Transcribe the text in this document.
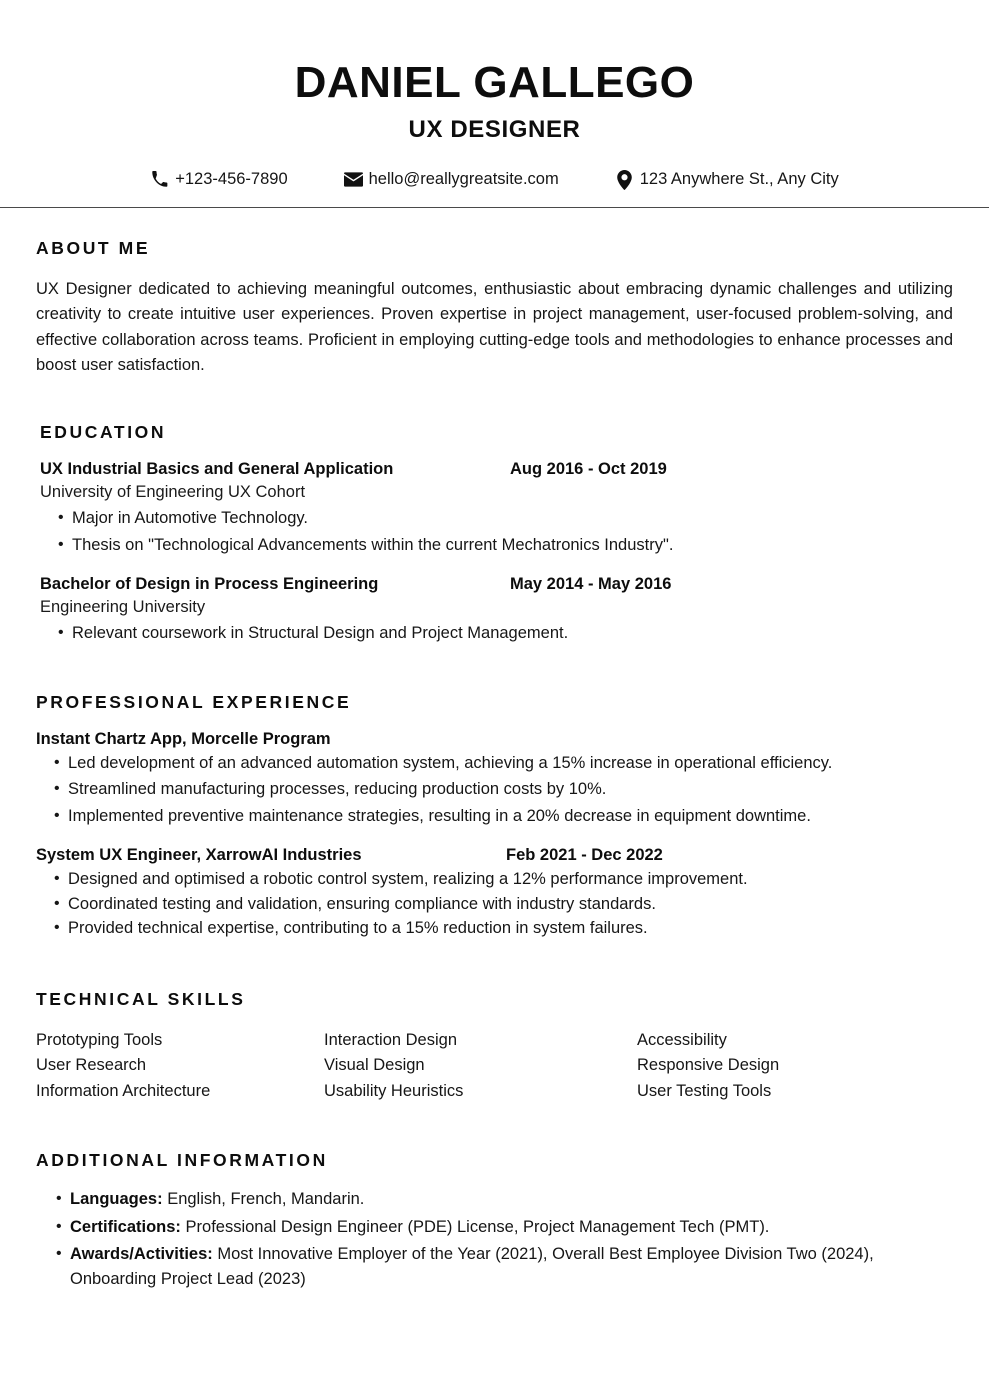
DANIEL GALLEGO
UX DESIGNER
+123-456-7890	hello@reallygreatsite.com	123 Anywhere St., Any City
ABOUT ME

UX Designer dedicated to achieving meaningful outcomes, enthusiastic about embracing dynamic challenges and utilizing creativity to create intuitive user experiences. Proven expertise in project management, user-focused problem-solving, and effective collaboration across teams. Proficient in employing cutting-edge tools and methodologies to enhance processes and boost user satisfaction.

EDUCATION
UX Industrial Basics and General Application	Aug 2016 - Oct 2019
University of Engineering UX Cohort
• Major in Automotive Technology.
• Thesis on "Technological Advancements within the current Mechatronics Industry".
Bachelor of Design in Process Engineering	May 2014 - May 2016
Engineering University
• Relevant coursework in Structural Design and Project Management.
PROFESSIONAL EXPERIENCE
Instant Chartz App, Morcelle Program
• Led development of an advanced automation system, achieving a 15% increase in operational efficiency.
• Streamlined manufacturing processes, reducing production costs by 10%.
• Implemented preventive maintenance strategies, resulting in a 20% decrease in equipment downtime.
System UX Engineer, XarrowAI Industries	Feb 2021 - Dec 2022
• Designed and optimised a robotic control system, realizing a 12% performance improvement.
• Coordinated testing and validation, ensuring compliance with industry standards.
• Provided technical expertise, contributing to a 15% reduction in system failures.
TECHNICAL SKILLS
Prototyping Tools	Interaction Design	Accessibility
User Research	Visual Design	Responsive Design
Information Architecture	Usability Heuristics	User Testing Tools
ADDITIONAL INFORMATION
• Languages: English, French, Mandarin.
• Certifications: Professional Design Engineer (PDE) License, Project Management Tech (PMT).
• Awards/Activities: Most Innovative Employer of the Year (2021), Overall Best Employee Division Two (2024), Onboarding Project Lead (2023)
